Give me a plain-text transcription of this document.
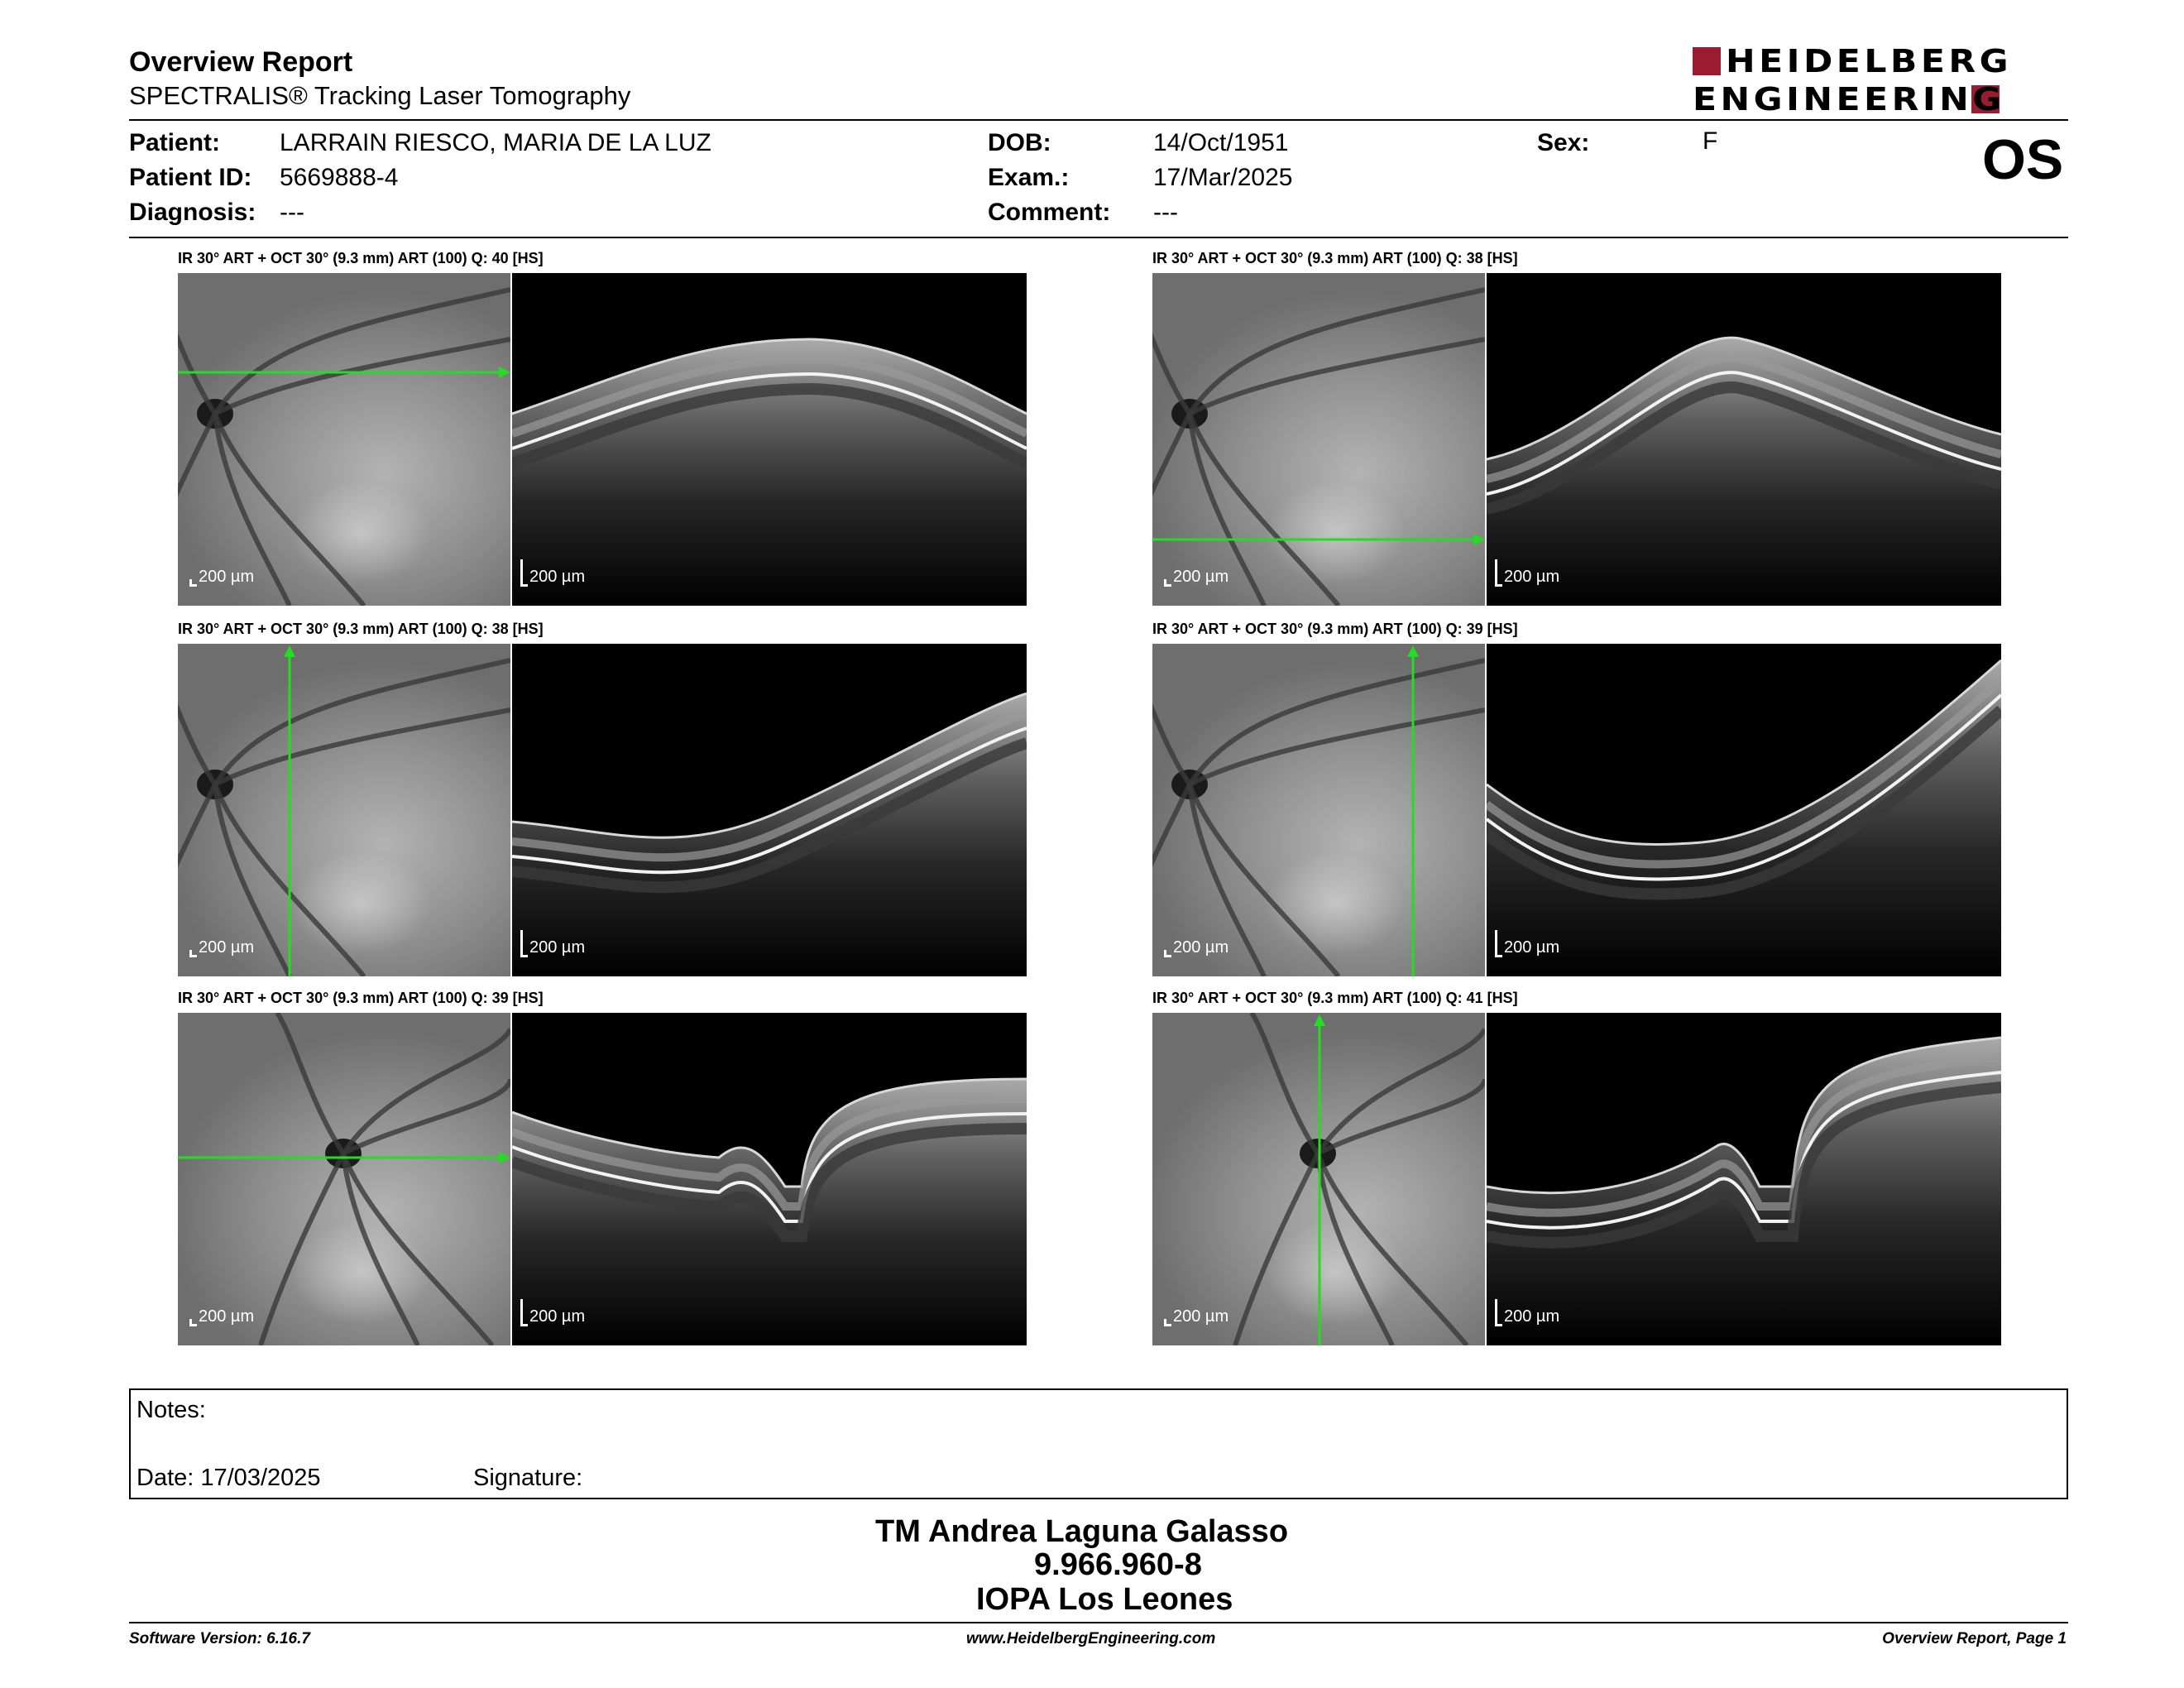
Overview Report
SPECTRALIS® Tracking Laser Tomography
HEIDELBERG
ENGINEERING
Patient: LARRAIN RIESCO, MARIA DE LA LUZ
Patient ID: 5669888-4
Diagnosis: ---
DOB:	14/Oct/1951
Exam.:	17/Mar/2025
Comment: ---
Sex:	F	OS
IR 30° ART + OCT 30° (9.3 mm) ART (100) Q: 40 [HS]
200 µm	200 µm
IR 30° ART + OCT 30° (9.3 mm) ART (100) Q: 38 [HS]
200 µm	200 µm
IR 30° ART + OCT 30° (9.3 mm) ART (100) Q: 38 [HS]
200 µm	200 µm
IR 30° ART + OCT 30° (9.3 mm) ART (100) Q: 39 [HS]
200 µm	200 µm
IR 30° ART + OCT 30° (9.3 mm) ART (100) Q: 39 [HS]
200 µm	200 µm
IR 30° ART + OCT 30° (9.3 mm) ART (100) Q: 41 [HS]
200 µm	200 µm
Notes:
Date: 17/03/2025	Signature:
TM Andrea Laguna Galasso
9.966.960-8
IOPA Los Leones
Software Version: 6.16.7	www.HeidelbergEngineering.com	Overview Report, Page 1
